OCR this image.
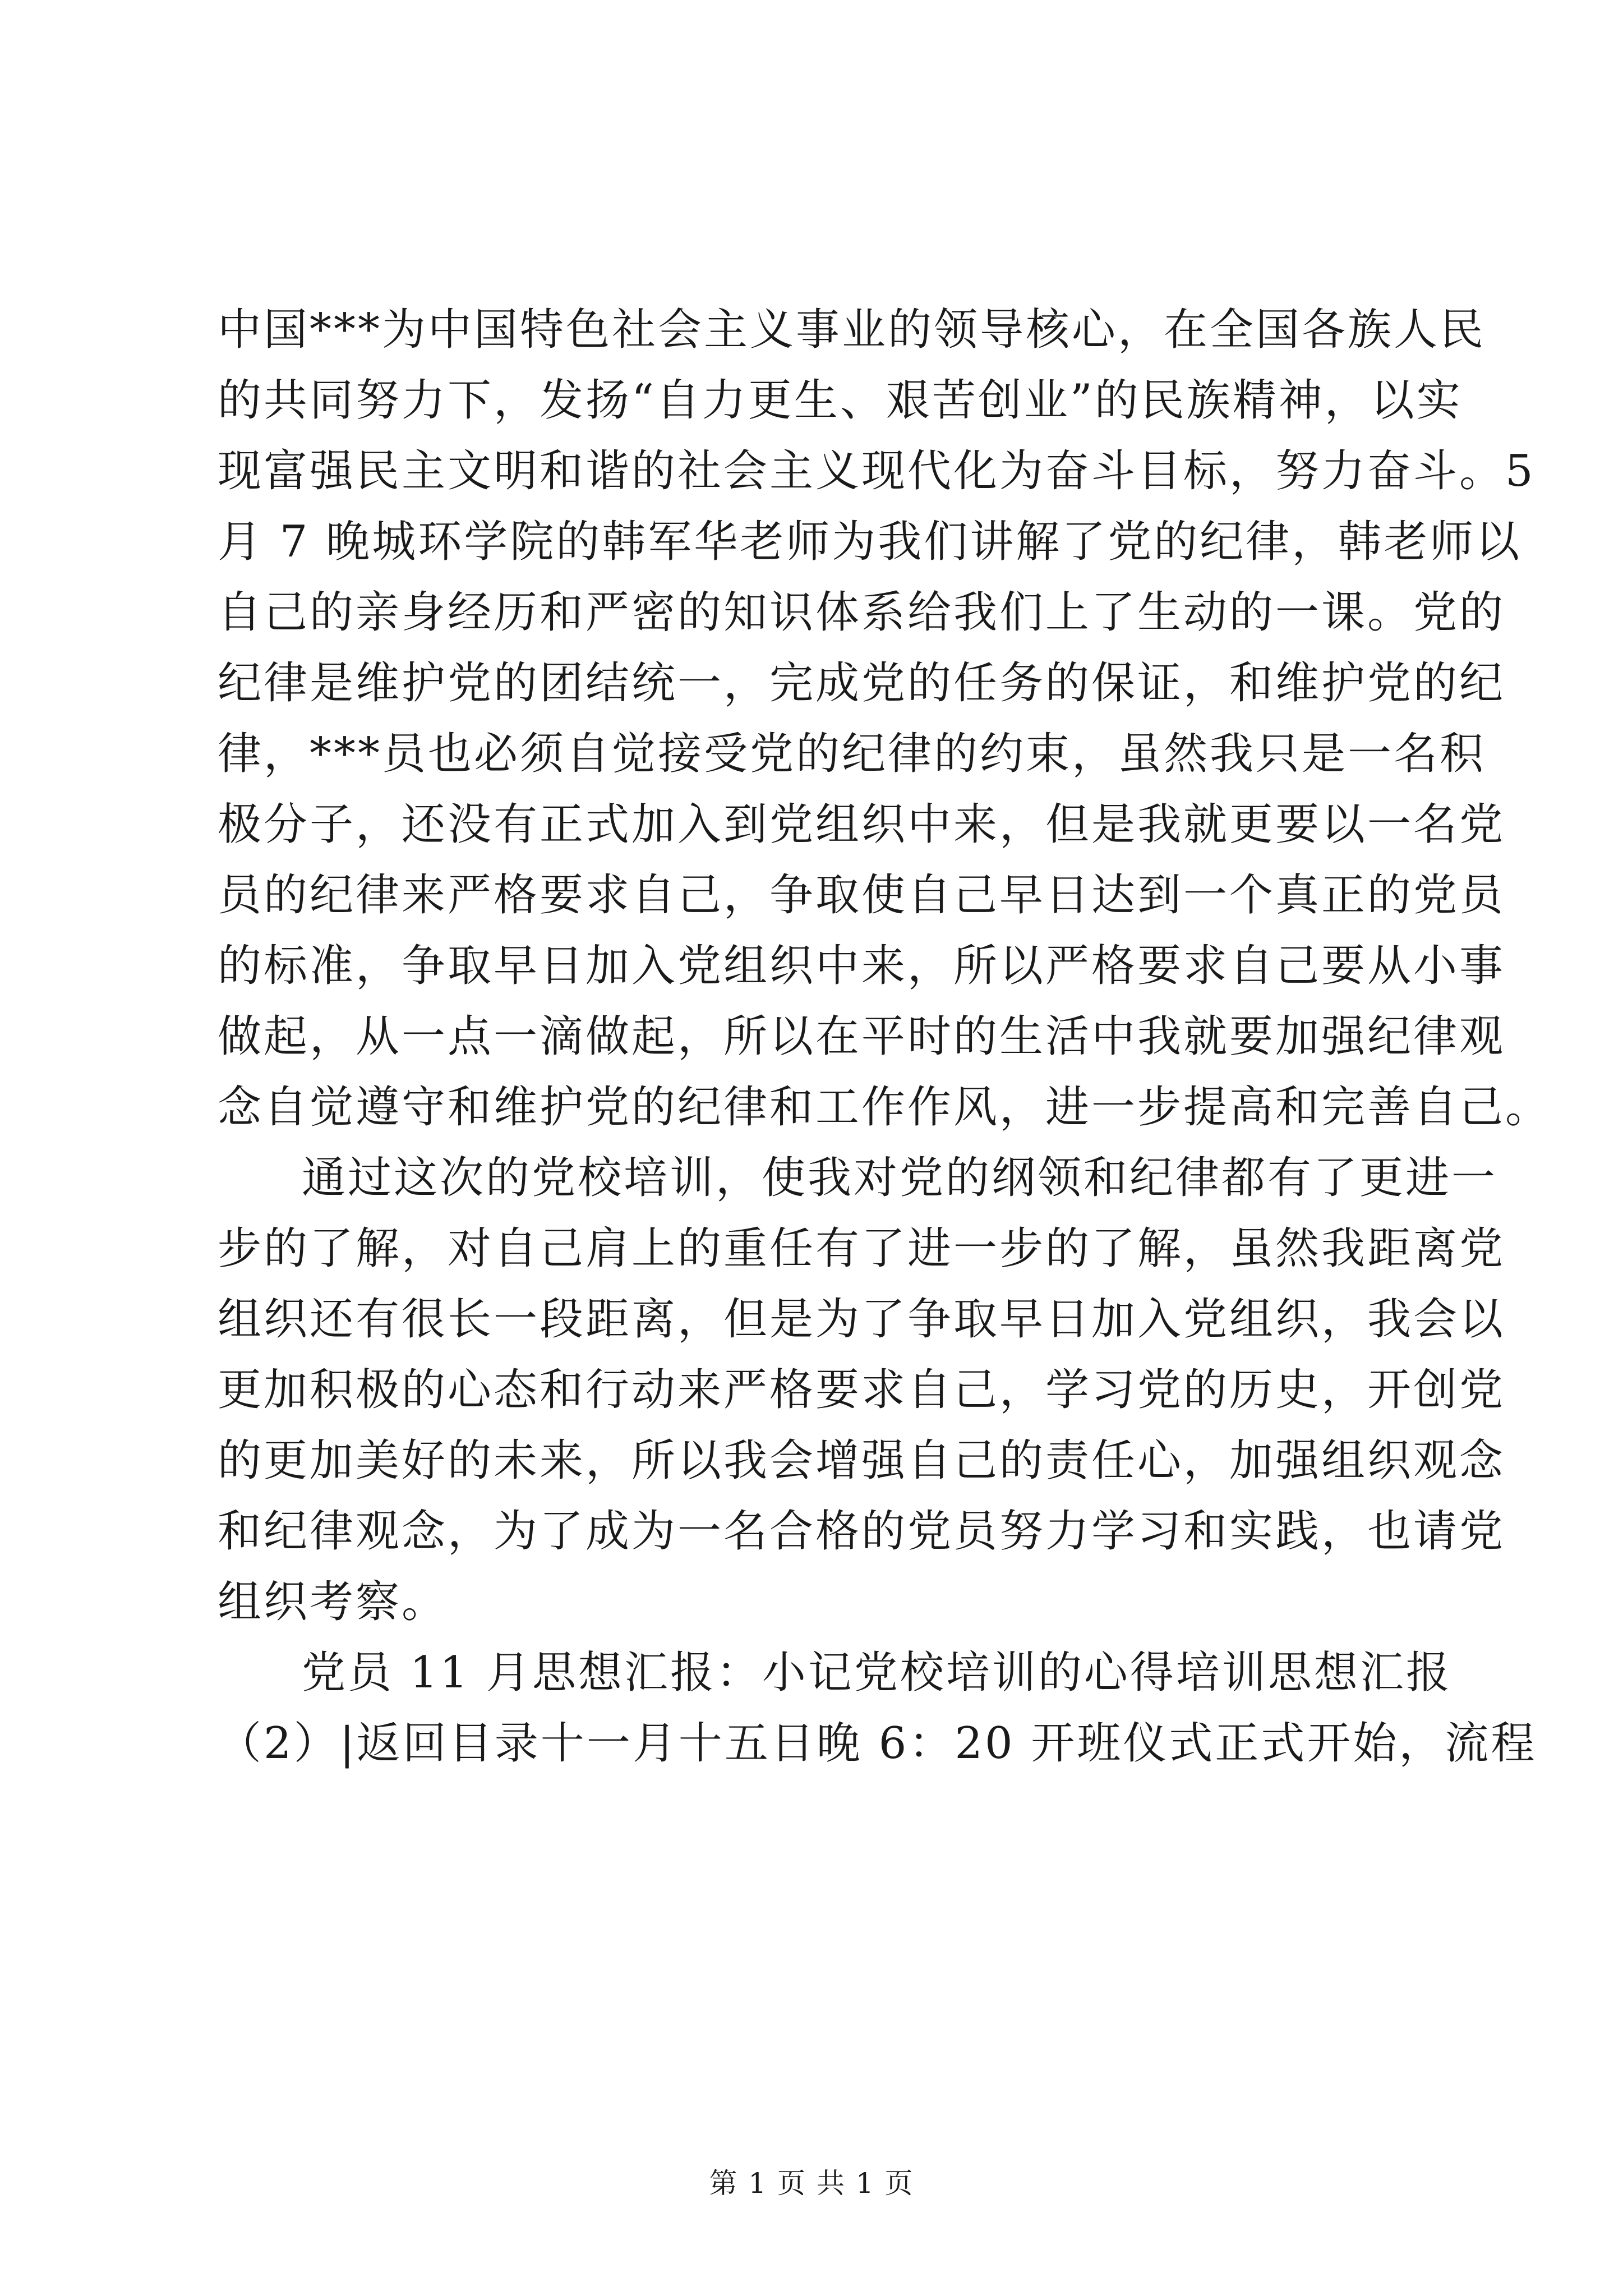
中国***为中国特色社会主义事业的领导核心，在全国各族人民
的共同努力下，发扬“自力更生、艰苦创业”的民族精神，以实
现富强民主文明和谐的社会主义现代化为奋斗目标，努力奋斗。5
月 7 晚城环学院的韩军华老师为我们讲解了党的纪律，韩老师以
自己的亲身经历和严密的知识体系给我们上了生动的一课。党的
纪律是维护党的团结统一，完成党的任务的保证，和维护党的纪
律，***员也必须自觉接受党的纪律的约束，虽然我只是一名积
极分子，还没有正式加入到党组织中来，但是我就更要以一名党
员的纪律来严格要求自己，争取使自己早日达到一个真正的党员
的标准，争取早日加入党组织中来，所以严格要求自己要从小事
做起，从一点一滴做起，所以在平时的生活中我就要加强纪律观
念自觉遵守和维护党的纪律和工作作风，进一步提高和完善自己。
通过这次的党校培训，使我对党的纲领和纪律都有了更进一
步的了解，对自己肩上的重任有了进一步的了解，虽然我距离党
组织还有很长一段距离，但是为了争取早日加入党组织，我会以
更加积极的心态和行动来严格要求自己，学习党的历史，开创党
的更加美好的未来，所以我会增强自己的责任心，加强组织观念
和纪律观念，为了成为一名合格的党员努力学习和实践，也请党
组织考察。
党员 11 月思想汇报：小记党校培训的心得培训思想汇报
（2）|返回目录十一月十五日晚 6：20 开班仪式正式开始，流程
第 1 页 共 1 页
